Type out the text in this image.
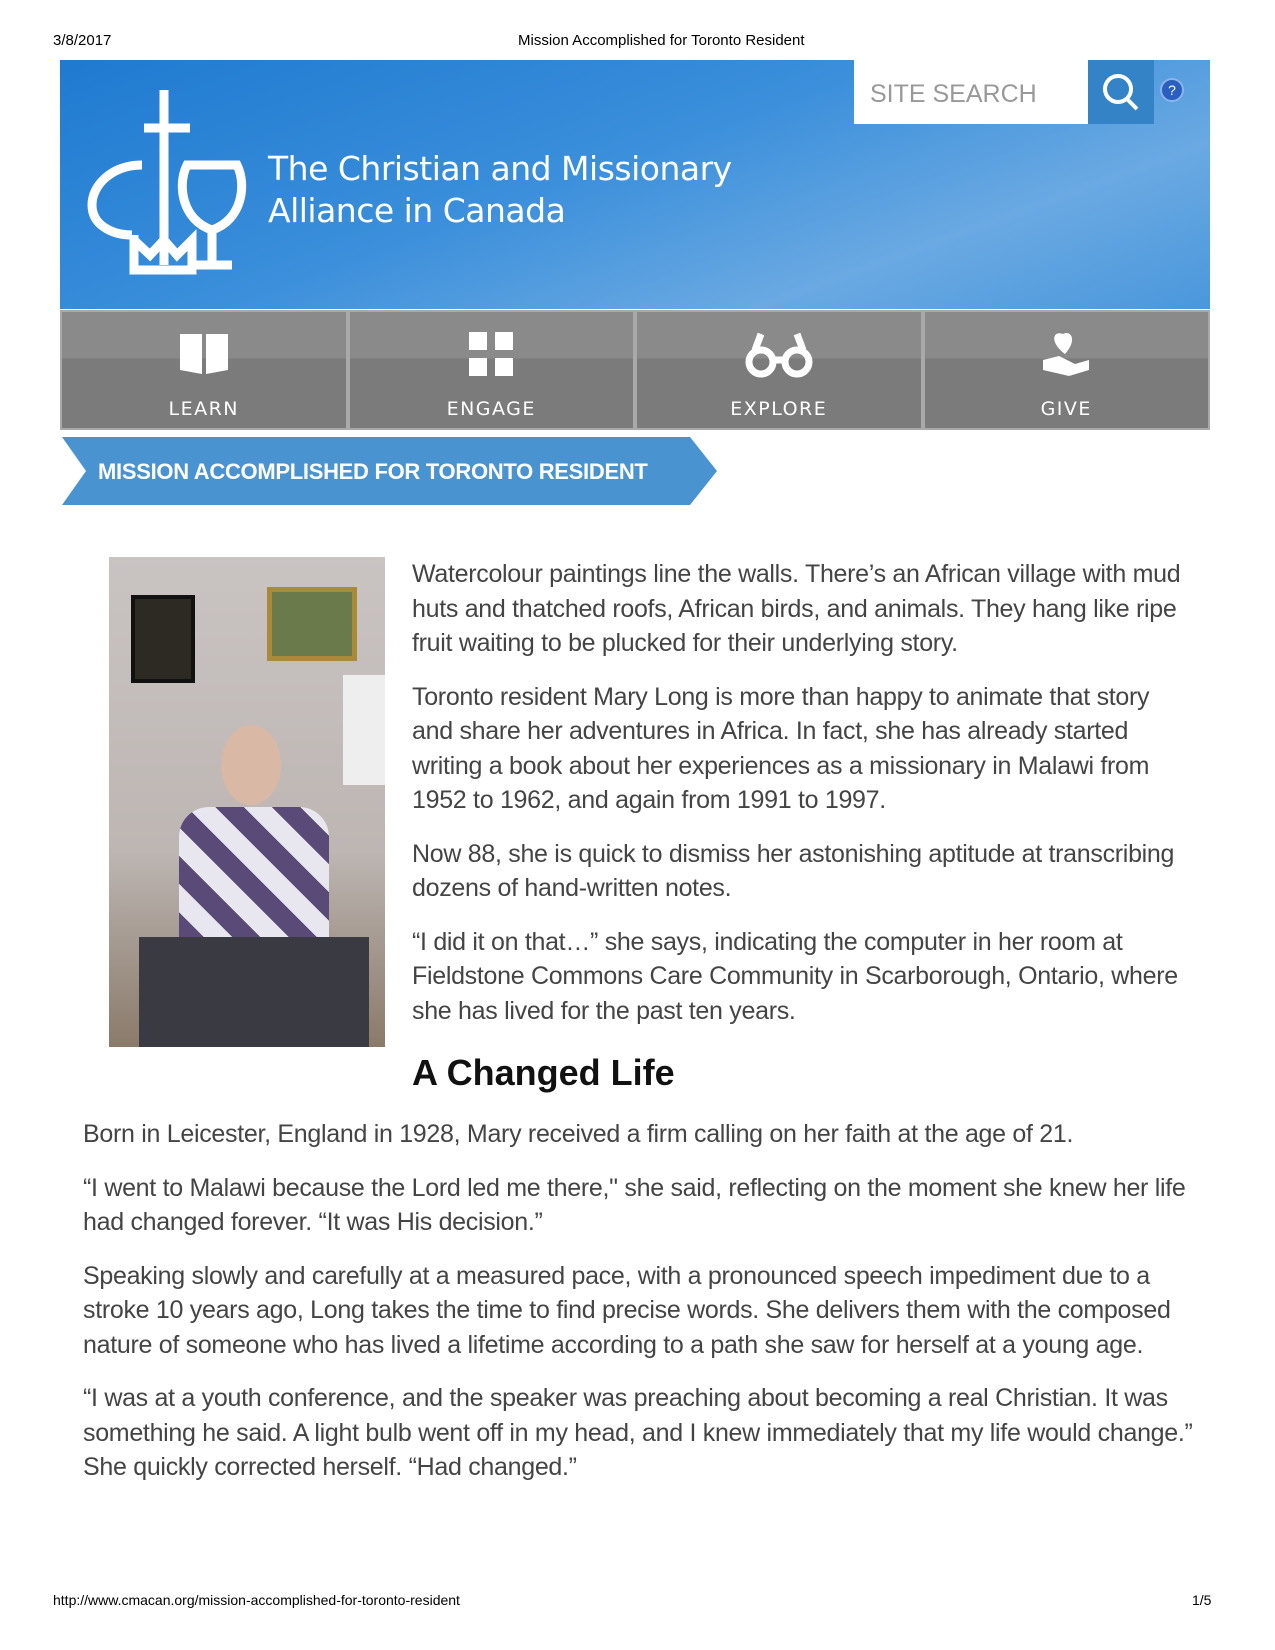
3/8/2017	Mission Accomplished for Toronto Resident
The Christian and Missionary
Alliance in Canada
SITE SEARCH	?
LEARN	ENGAGE	EXPLORE	GIVE
MISSION ACCOMPLISHED FOR TORONTO RESIDENT

Watercolour paintings line the walls. There’s an African village with mud huts and thatched roofs, African birds, and animals. They hang like ripe fruit waiting to be plucked for their underlying story.

Toronto resident Mary Long is more than happy to animate that story and share her adventures in Africa. In fact, she has already started writing a book about her experiences as a missionary in Malawi from 1952 to 1962, and again from 1991 to 1997.

Now 88, she is quick to dismiss her astonishing aptitude at transcribing dozens of hand-written notes.

“I did it on that…” she says, indicating the computer in her room at Fieldstone Commons Care Community in Scarborough, Ontario, where she has lived for the past ten years.

A Changed Life

Born in Leicester, England in 1928, Mary received a firm calling on her faith at the age of 21.

“I went to Malawi because the Lord led me there," she said, reflecting on the moment she knew her life had changed forever. “It was His decision.”

Speaking slowly and carefully at a measured pace, with a pronounced speech impediment due to a stroke 10 years ago, Long takes the time to find precise words. She delivers them with the composed nature of someone who has lived a lifetime according to a path she saw for herself at a young age.

“I was at a youth conference, and the speaker was preaching about becoming a real Christian. It was something he said. A light bulb went off in my head, and I knew immediately that my life would change.” She quickly corrected herself. “Had changed.”

http://www.cmacan.org/mission-accomplished-for-toronto-resident	1/5
